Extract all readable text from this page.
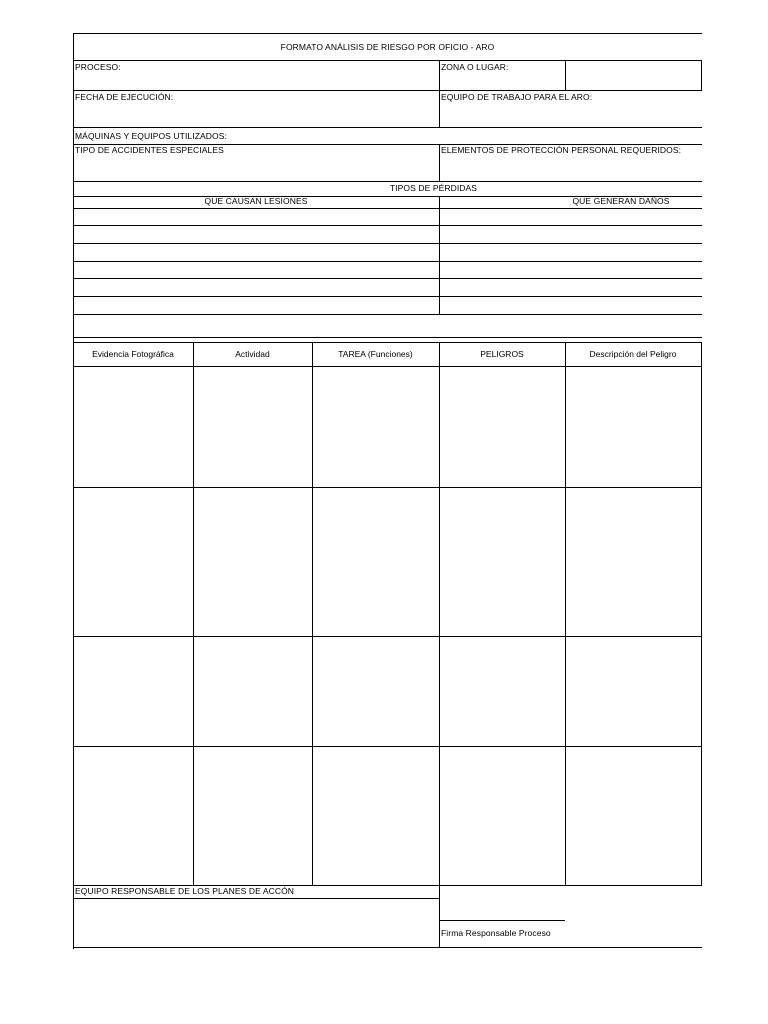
FORMATO ANÁLISIS DE RIESGO POR OFICIO - ARO
PROCESO:	ZONA O LUGAR:
FECHA DE EJECUCIÓN:	EQUIPO DE TRABAJO PARA EL ARO:
MÁQUINAS Y EQUIPOS UTILIZADOS:
TIPO DE ACCIDENTES ESPECIALES	ELEMENTOS DE PROTECCIÓN PERSONAL REQUERIDOS:
TIPOS DE PÉRDIDAS
QUE CAUSAN LESIONES	QUE GENERAN DAÑOS
Evidencia Fotográfica	Actividad	TAREA (Funciones)	PELIGROS	Descripción del Peligro
EQUIPO RESPONSABLE DE LOS PLANES DE ACCÓN
Firma Responsable Proceso
